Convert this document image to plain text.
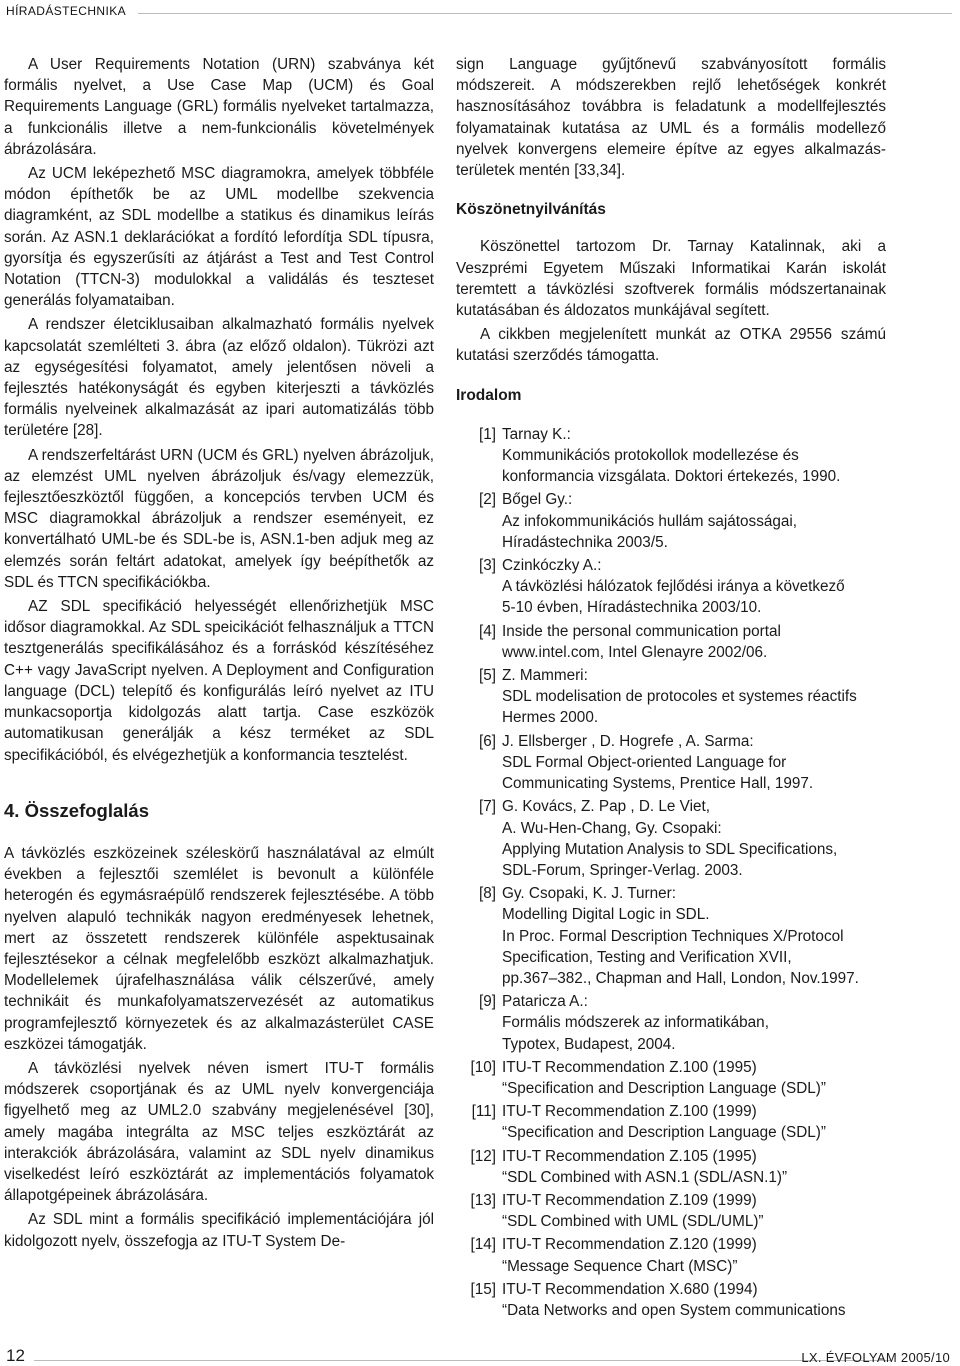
HÍRADÁSTECHNIKA

A User Requirements Notation (URN) szabványa két formális nyelvet, a Use Case Map (UCM) és Goal Requirements Language (GRL) formális nyelveket tartalmazza, a funkcionális illetve a nem-funkcionális követelmények ábrázolására.

Az UCM leképezhető MSC diagramokra, amelyek többféle módon építhetők be az UML modellbe szekvencia diagramként, az SDL modellbe a statikus és dinamikus leírás során. Az ASN.1 deklarációkat a fordító lefordítja SDL típusra, gyorsítja és egyszerűsíti az átjárást a Test and Test Control Notation (TTCN-3) modulokkal a validálás és teszteset generálás folyamataiban.

A rendszer életciklusaiban alkalmazható formális nyelvek kapcsolatát szemlélteti 3. ábra (az előző oldalon). Tükrözi azt az egységesítési folyamatot, amely jelentősen növeli a fejlesztés hatékonyságát és egyben kiterjeszti a távközlés formális nyelveinek alkalmazását az ipari automatizálás több területére [28].

A rendszerfeltárást URN (UCM és GRL) nyelven ábrázoljuk, az elemzést UML nyelven ábrázoljuk és/vagy elemezzük, fejlesztőeszköztől függően, a koncepciós tervben UCM és MSC diagramokkal ábrázoljuk a rendszer eseményeit, ez konvertálható UML-be és SDL-be is, ASN.1-ben adjuk meg az elemzés során feltárt adatokat, amelyek így beépíthetők az SDL és TTCN specifikációkba.

AZ SDL specifikáció helyességét ellenőrizhetjük MSC idősor diagramokkal. Az SDL speicikációt felhasználjuk a TTCN tesztgenerálás specifikálásához és a forráskód készítéséhez C++ vagy JavaScript nyelven. A Deployment and Configuration language (DCL) telepítő és konfigurálás leíró nyelvet az ITU munkacsoportja kidolgozás alatt tartja. Case eszközök automatikusan generálják a kész terméket az SDL specifikációból, és elvégezhetjük a konformancia tesztelést.

4. Összefoglalás

A távközlés eszközeinek széleskörű használatával az elmúlt években a fejlesztői szemlélet is bevonult a különféle heterogén és egymásraépülő rendszerek fejlesztésébe. A több nyelven alapuló technikák nagyon eredményesek lehetnek, mert az összetett rendszerek különféle aspektusainak fejlesztésekor a célnak megfelelőbb eszközt alkalmazhatjuk. Modellelemek újrafelhasználása válik célszerűvé, amely technikáit és munkafolyamatszervezését az automatikus programfejlesztő környezetek és az alkalmazásterület CASE eszközei támogatják.

A távközlési nyelvek néven ismert ITU-T formális módszerek csoportjának és az UML nyelv konvergenciája figyelhető meg az UML2.0 szabvány megjelenésével [30], amely magába integrálta az MSC teljes eszköztárát az interakciók ábrázolására, valamint az SDL nyelv dinamikus viselkedést leíró eszköztárát az implementációs folyamatok állapotgépeinek ábrázolására.

Az SDL mint a formális specifikáció implementációjára jól kidolgozott nyelv, összefogja az ITU-T System De-

sign Language gyűjtőnevű szabványosított formális módszereit. A módszerekben rejlő lehetőségek konkrét hasznosításához továbbra is feladatunk a modellfejlesztés folyamatainak kutatása az UML és a formális modellező nyelvek konvergens elemeire építve az egyes alkalmazás-területek mentén [33,34].

Köszönetnyilvánítás

Köszönettel tartozom Dr. Tarnay Katalinnak, aki a Veszprémi Egyetem Műszaki Informatikai Karán iskolát teremtett a távközlési szoftverek formális módszertanainak kutatásában és áldozatos munkájával segített.

A cikkben megjelenített munkát az OTKA 29556 számú kutatási szerződés támogatta.

Irodalom

[1] Tarnay K.:
Kommunikációs protokollok modellezése és
konformancia vizsgálata. Doktori értekezés, 1990.
[2] Bőgel Gy.:
Az infokommunikációs hullám sajátosságai,
Híradástechnika 2003/5.
[3] Czinkóczky A.:
A távközlési hálózatok fejlődési iránya a következő
5-10 évben, Híradástechnika 2003/10.
[4] Inside the personal communication portal
www.intel.com, Intel Glenayre 2002/06.
[5] Z. Mammeri:
SDL modelisation de protocoles et systemes réactifs
Hermes 2000.
[6] J. Ellsberger , D. Hogrefe , A. Sarma:
SDL Formal Object-oriented Language for
Communicating Systems, Prentice Hall, 1997.
[7] G. Kovács, Z. Pap , D. Le Viet,
A. Wu-Hen-Chang, Gy. Csopaki:
Applying Mutation Analysis to SDL Specifications,
SDL-Forum, Springer-Verlag. 2003.
[8] Gy. Csopaki, K. J. Turner:
Modelling Digital Logic in SDL.
In Proc. Formal Description Techniques X/Protocol
Specification, Testing and Verification XVII,
pp.367–382., Chapman and Hall, London, Nov.1997.
[9] Pataricza A.:
Formális módszerek az informatikában,
Typotex, Budapest, 2004.
[10] ITU-T Recommendation Z.100 (1995)
“Specification and Description Language (SDL)”
[11] ITU-T Recommendation Z.100 (1999)
“Specification and Description Language (SDL)”
[12] ITU-T Recommendation Z.105 (1995)
“SDL Combined with ASN.1 (SDL/ASN.1)”
[13] ITU-T Recommendation Z.109 (1999)
“SDL Combined with UML (SDL/UML)”
[14] ITU-T Recommendation Z.120 (1999)
“Message Sequence Chart (MSC)”
[15] ITU-T Recommendation X.680 (1994)
“Data Networks and open System communications
12	LX. ÉVFOLYAM 2005/10
